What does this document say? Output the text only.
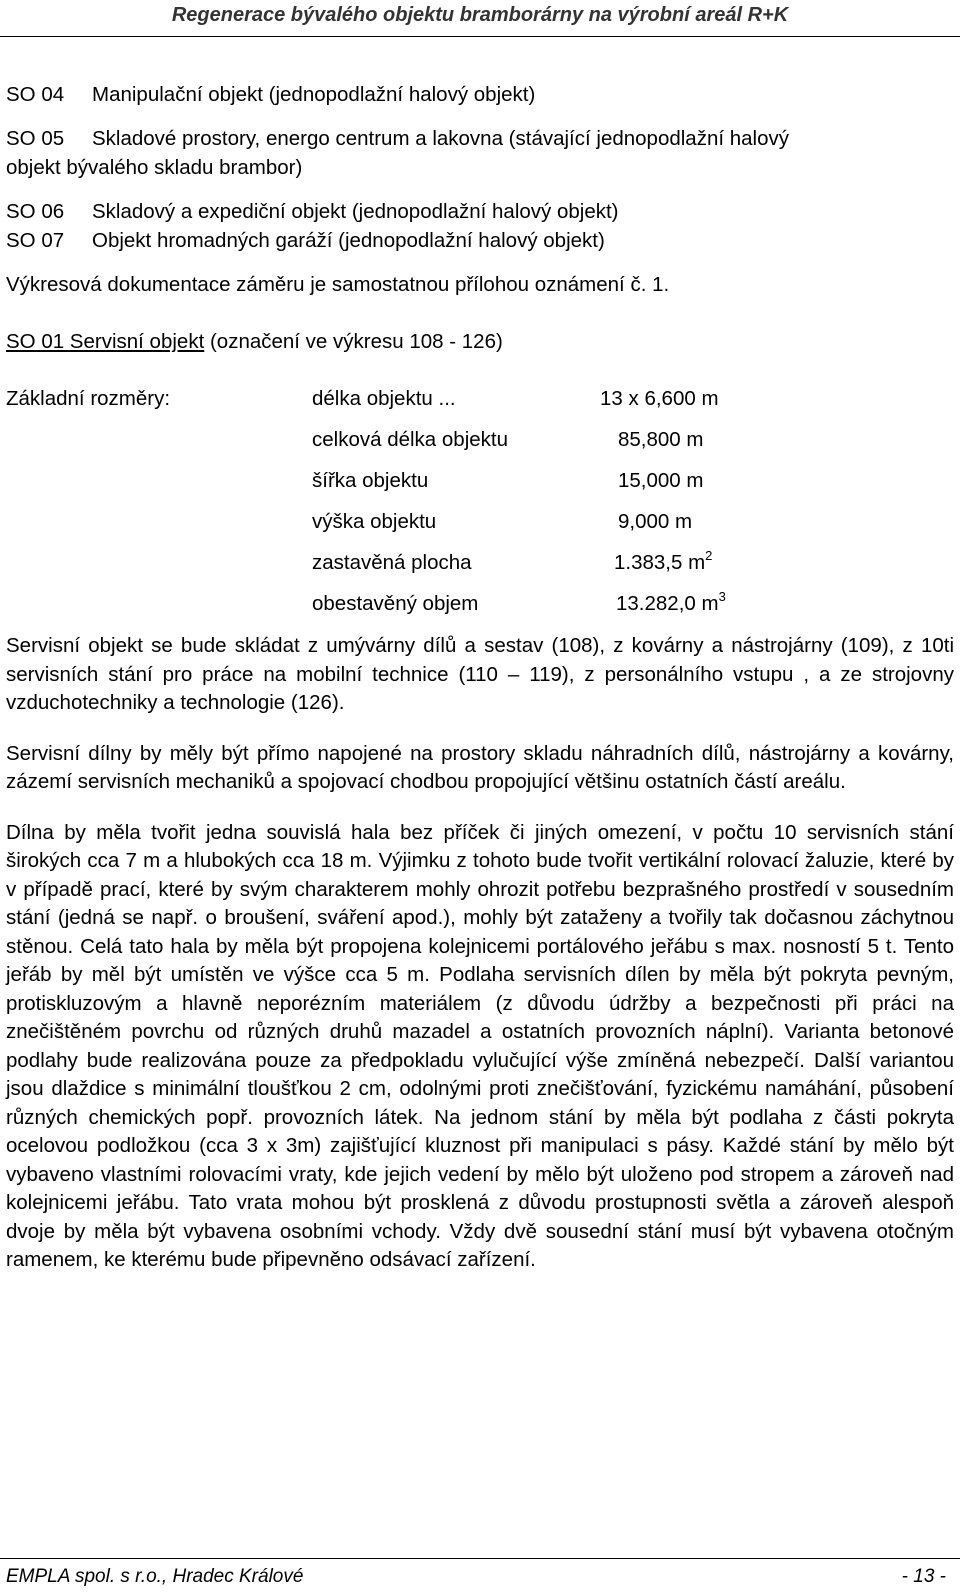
Regenerace bývalého objektu bramborárny na výrobní areál R+K

SO 04 Manipulační objekt (jednopodlažní halový objekt)

SO 05 Skladové prostory, energo centrum a lakovna (stávající jednopodlažní halový

objekt bývalého skladu brambor)

SO 06 Skladový a expediční objekt (jednopodlažní halový objekt)

SO 07 Objekt hromadných garáží (jednopodlažní halový objekt)

Výkresová dokumentace záměru je samostatnou přílohou oznámení č. 1.

SO 01 Servisní objekt (označení ve výkresu 108 - 126)

Základní rozměry:	délka objektu ...	13 x 6,600 m
celková délka objektu	85,800 m
šířka objektu	15,000 m
výška objektu	9,000 m
zastavěná plocha	1.383,5 $m^2$
obestavěný objem	13.282,0 $m^3$

Servisní objekt se bude skládat z umývárny dílů a sestav (108), z kovárny a nástrojárny (109), z 10ti servisních stání pro práce na mobilní technice (110 – 119), z personálního vstupu , a ze strojovny vzduchotechniky a technologie (126).

Servisní dílny by měly být přímo napojené na prostory skladu náhradních dílů, nástrojárny a kovárny, zázemí servisních mechaniků a spojovací chodbou propojující většinu ostatních částí areálu.

Dílna by měla tvořit jedna souvislá hala bez příček či jiných omezení, v počtu 10 servisních stání širokých cca 7 m a hlubokých cca 18 m. Výjimku z tohoto bude tvořit vertikální rolovací žaluzie, které by v případě prací, které by svým charakterem mohly ohrozit potřebu bezprašného prostředí v sousedním stání (jedná se např. o broušení, sváření apod.), mohly být zataženy a tvořily tak dočasnou záchytnou stěnou. Celá tato hala by měla být propojena kolejnicemi portálového jeřábu s max. nosností 5 t. Tento jeřáb by měl být umístěn ve výšce cca 5 m. Podlaha servisních dílen by měla být pokryta pevným, protiskluzovým a hlavně neporézním materiálem (z důvodu údržby a bezpečnosti při práci na znečištěném povrchu od různých druhů mazadel a ostatních provozních náplní). Varianta betonové podlahy bude realizována pouze za předpokladu vylučující výše zmíněná nebezpečí. Další variantou jsou dlaždice s minimální tloušťkou 2 cm, odolnými proti znečišťování, fyzickému namáhání, působení různých chemických popř. provozních látek. Na jednom stání by měla být podlaha z části pokryta ocelovou podložkou (cca 3 x 3m) zajišťující kluznost při manipulaci s pásy. Každé stání by mělo být vybaveno vlastními rolovacími vraty, kde jejich vedení by mělo být uloženo pod stropem a zároveň nad kolejnicemi jeřábu. Tato vrata mohou být prosklená z důvodu prostupnosti světla a zároveň alespoň dvoje by měla být vybavena osobními vchody. Vždy dvě sousední stání musí být vybavena otočným ramenem, ke kterému bude připevněno odsávací zařízení.

EMPLA spol. s r.o., Hradec Králové	- 13 -
